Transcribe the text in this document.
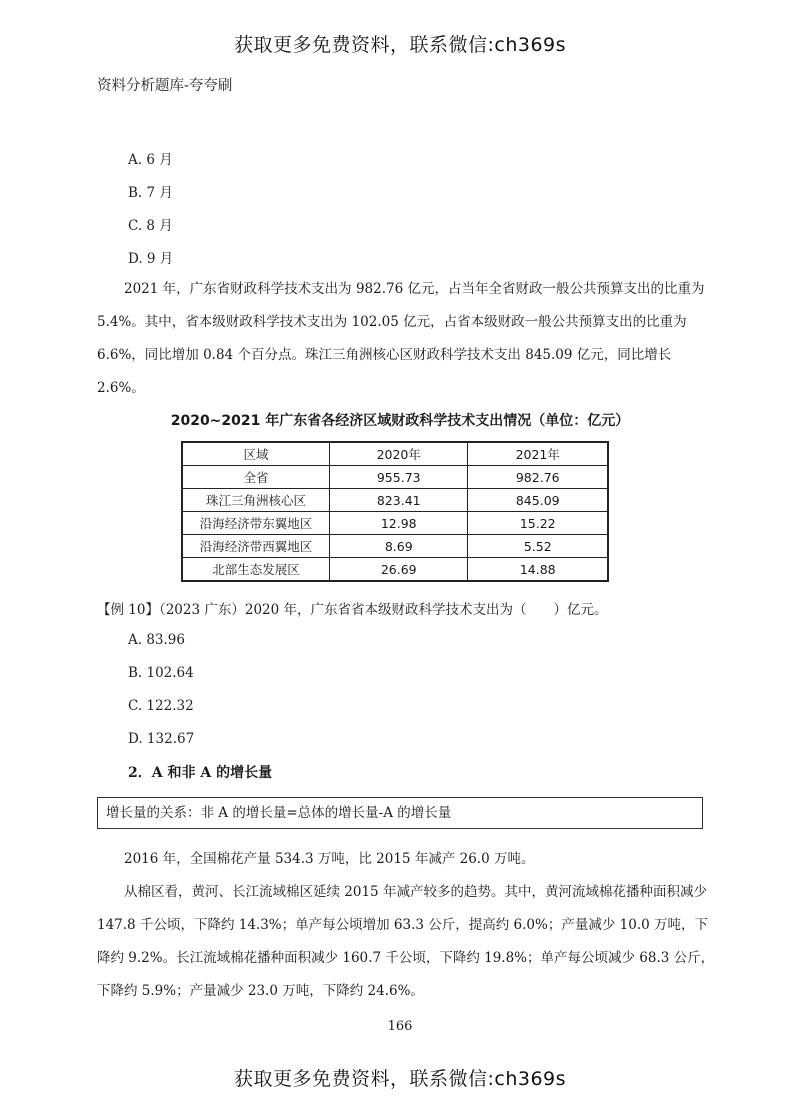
获取更多免费资料，联系微信:ch369s
资料分析题库-夸夸刷
A. 6 月
B. 7 月
C. 8 月
D. 9 月

2021 年，广东省财政科学技术支出为 982.76 亿元，占当年全省财政一般公共预算支出的比重为 5.4%。其中，省本级财政科学技术支出为 102.05 亿元，占省本级财政一般公共预算支出的比重为 6.6%，同比增加 0.84 个百分点。珠江三角洲核心区财政科学技术支出 845.09 亿元，同比增长 2.6%。

2020~2021 年广东省各经济区域财政科学技术支出情况（单位：亿元）
区域	2020年	2021年
全省	955.73	982.76
珠江三角洲核心区	823.41	845.09
沿海经济带东翼地区	12.98	15.22
沿海经济带西翼地区	8.69	5.52
北部生态发展区	26.69	14.88
【例 10】（2023 广东）2020 年，广东省省本级财政科学技术支出为（　　）亿元。
A. 83.96
B. 102.64
C. 122.32
D. 132.67
2．A 和非 A 的增长量
增长量的关系：非 A 的增长量=总体的增长量-A 的增长量

2016 年，全国棉花产量 534.3 万吨，比 2015 年减产 26.0 万吨。

从棉区看，黄河、长江流域棉区延续 2015 年减产较多的趋势。其中，黄河流域棉花播种面积减少 147.8 千公顷，下降约 14.3%；单产每公顷增加 63.3 公斤，提高约 6.0%；产量减少 10.0 万吨，下降约 9.2%。长江流域棉花播种面积减少 160.7 千公顷，下降约 19.8%；单产每公顷减少 68.3 公斤，下降约 5.9%；产量减少 23.0 万吨，下降约 24.6%。

166
获取更多免费资料，联系微信:ch369s
